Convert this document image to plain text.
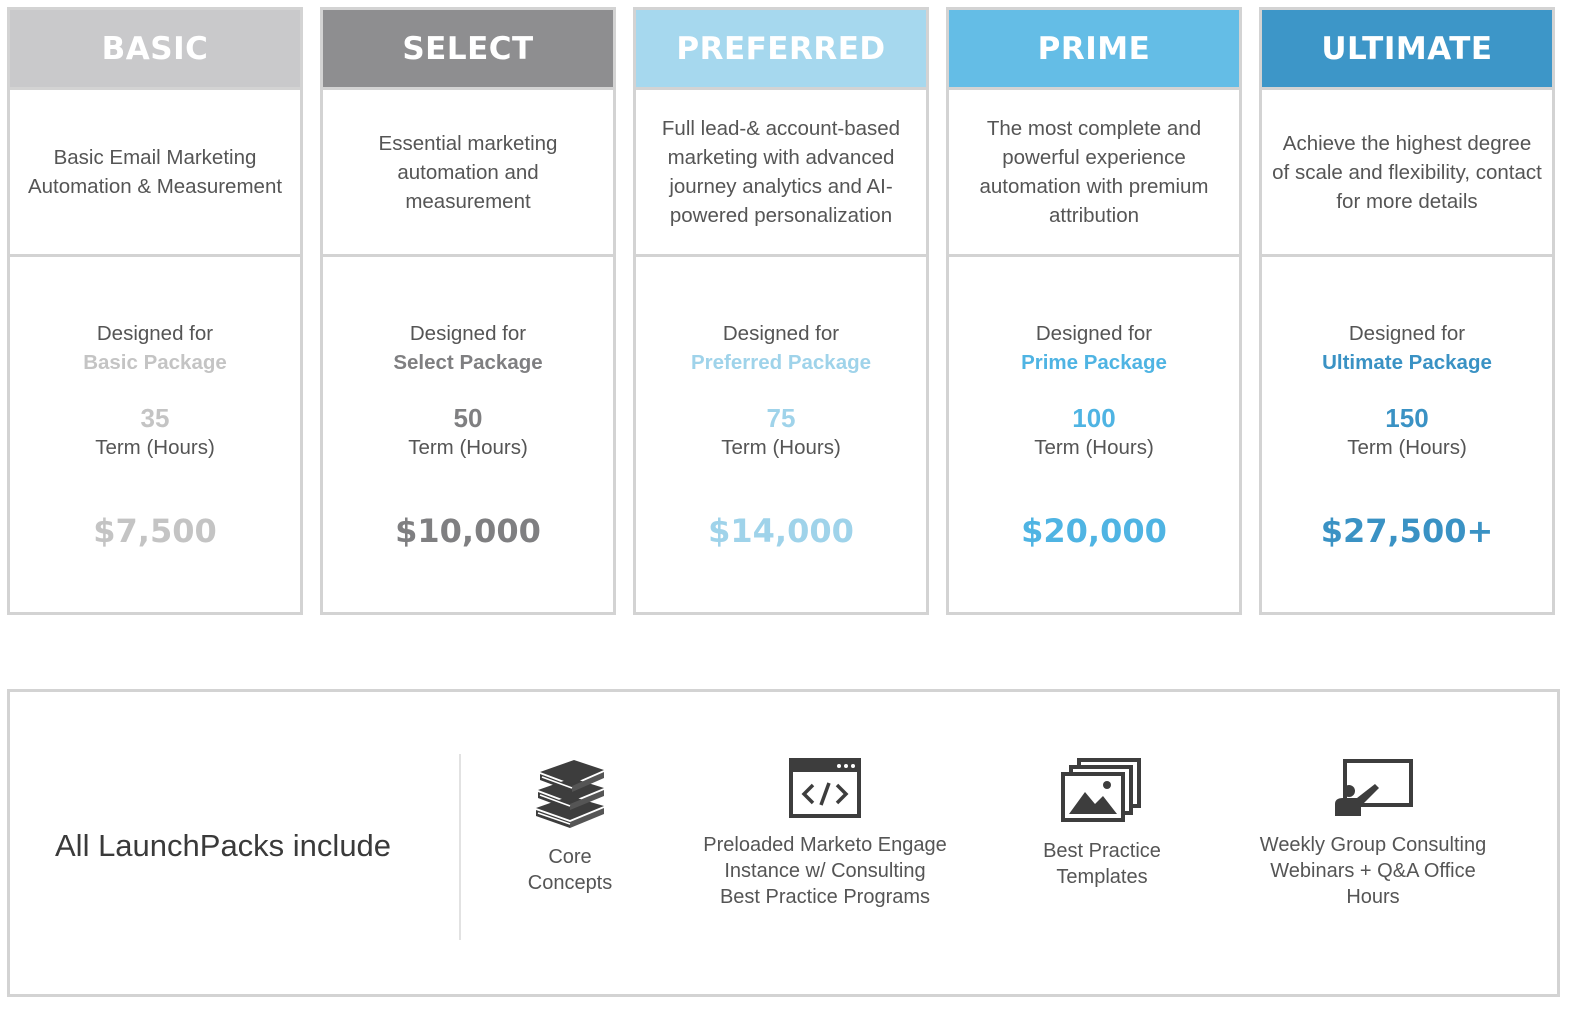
BASIC
Basic Email Marketing Automation & Measurement
Designed for
Basic Package
35
Term (Hours)
$7,500
SELECT
Essential marketing automation and measurement
Designed for
Select Package
50
Term (Hours)
$10,000
PREFERRED
Full lead-& account-based marketing with advanced journey analytics and AI-powered personalization
Designed for
Preferred Package
75
Term (Hours)
$14,000
PRIME
The most complete and powerful experience automation with premium attribution
Designed for
Prime Package
100
Term (Hours)
$20,000
ULTIMATE
Achieve the highest degree of scale and flexibility, contact for more details
Designed for
Ultimate Package
150
Term (Hours)
$27,500+
All LaunchPacks include	Core
Concepts
Preloaded Marketo Engage
Instance w/ Consulting
Best Practice Programs
Best Practice
Templates
Weekly Group Consulting
Webinars + Q&A Office
Hours
